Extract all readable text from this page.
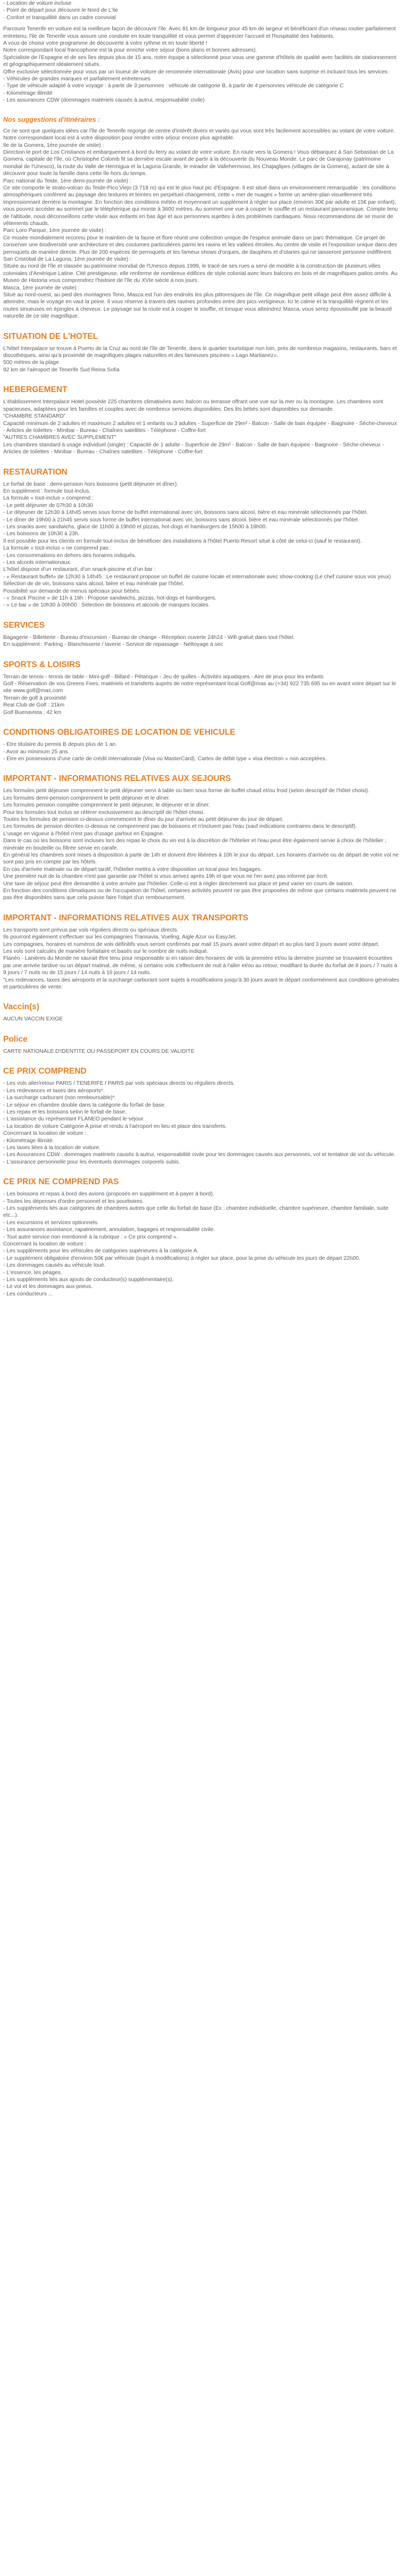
- Location de voiture incluse

- Point de départ pour découvrir le Nord de L'ile

- Confort et tranquillité dans un cadre convivial

Parcourir Tenerife en voiture est la meilleure façon de découvrir l'ile. Avec 81 km de longueur pour 45 km de largeur et bénéficiant d'un réseau routier parfaitement entretenu, l'ile de Tenerife vous assure une conduite en toute tranquillité et vous permet d'apprécier l'accueil et l'hospitalité des habitants.

A vous de choisir votre programme de découverte à votre rythme et en toute liberté !

Notre correspondant local francophone est là pour enrichir votre séjour (bons plans et bonnes adresses).

Spécialiste de l'Espagne et de ses îles depuis plus de 15 ans, notre équipe a sélectionné pour vous une gamme d'hôtels de qualité avec facilités de stationnement et géographiquement idéalement situés.

Offre exclusive sélectionnée pour vous par un loueur de voiture de renommée internationale (Avis) pour une location sans surprise et incluant tous les services :

- Véhicules de grandes marques et parfaitement entretenues

- Type de véhicule adapté à votre voyage : à partir de 3 personnes : véhicule de catégorie B, à partir de 4 personnes véhicule de catégorie C

- Kilométrage illimité

- Les assurances CDW (dommages matériels causés à autrui, responsabilité civile)

Nos suggestions d'itinéraires :

Ce ne sont que quelques idées car l'île de Tenerife regorge de centre d'intérêt divers et variés qui vous sont très facilement accessibles au volant de votre voiture. Notre correspondant local est à votre disposition pour rendre votre séjour encore plus agréable.

Ile de la Gomera, 1ère journée de visite) :

Direction le port de Los Cristianos et embarquement à bord du ferry au volant de votre voiture. En route vers la Gomera ! Vous débarquez à San Sebastian de La Gomera, capitale de l'île, où Christophe Colomb fit sa dernière escale avant de partir à la découverte du Nouveau Monde. Le parc de Garajonay (patrimoine mondial de l'Unesco), la route du Valle de Hermigua et la Laguna Grande, le mirador de Vallehermoso, les Chajaglipes (villages de la Gomera), autant de site à découvrir pour toute la famille dans cette île hors du temps.

Parc national du Teide, 1ère demi-journée de visite) :

Ce site comporte le strato-volcan du Teide-Pico Viejo (3 718 m) qui est le plus haut pic d'Espagne. Il est situé dans un environnement remarquable : les conditions atmosphériques confèrent au paysage des textures et teintes en perpétuel changement, cette « mer de nuages » forme un arrière-plan visuellement très impressionnant derrière la montagne. En fonction des conditions météo et moyennant un supplément à régler sur place (environ 30€ par adulte et 15€ par enfant), vous pouvez accéder au sommet par le téléphérique qui monte à 3600 mètres. Au sommet une vue à couper le souffle et un restaurant panoramique. Compte tenu de l'altitude, nous déconseillons cette visite aux enfants en bas âge et aux personnes sujettes à des problèmes cardiaques. Nous recommandons de se munir de vêtements chauds.

Parc Loro Parque, 1ère journée de visite) :

Ce musée mondialement reconnu pour le maintien de la faune et flore réunit une collection unique de l'espèce animale dans un parc thématique. Ce projet de conserver une biodiversité une architecture et des coutumes particulières parmi les ravins et les vallées étroites. Au centre de visite et l'exposition unique dans des perroquets de manière directe. Plus de 200 espèces de perroquets et les fameux shows d'orques, de dauphins et d'otaries qui ne laisseront personne indifférent.

San Cristobal de La Laguna, 1ère journée de visite) :

Située au nord de l'île et classée au patrimoine mondial de l'Unesco depuis 1999, le tracé de ses rues a servi de modèle à la construction de plusieurs villes coloniales d'Amérique Latine. Cité prestigieuse, elle renferme de nombreux édifices de style colonial avec leurs balcons en bois et de magnifiques patios ornés. Au Museo de Historia vous comprendrez l'histoire de l'île du XVIe siècle à nos jours.

Masca, 1ère journée de visite) :

Situé au nord-ouest, au pied des montagnes Teno, Masca est l'un des endroits les plus pittoresques de l'île. Ce magnifique petit village peut être assez difficile à atteindre, mais le voyage en vaut la peine. Il vous réserve à travers des ravines profondes entre des pics vertigineux. Ici le calme et la tranquillité règnent et les routes sinueuses en épingles à cheveux. Le paysage sur la route est à couper le souffle, et lorsque vous atteindrez Masca, vous serez époustouflé par la beauté naturelle de ce site magnifique.

SITUATION DE L'HOTEL

L'hôtel Interpalace se trouve à Puerto de la Cruz au nord de l'île de Tenerife, dans le quartier touristique non loin, près de nombreux magasins, restaurants, bars et discothèques, ainsi qu'à proximité de magnifiques plages naturelles et des fameuses piscines « Lago Martianez».

500 mètres de la plage

92 km de l'aéroport de Tenerife Sud Reina Sofia

HEBERGEMENT

L'établissement Interpalace Hotel possède 225 chambres climatisées avec balcon ou terrasse offrant une vue sur la mer ou la montagne. Les chambres sont spacieuses, adaptées pour les familles et couples avec de nombreux services disponibles. Des lits bébés sont disponibles sur demande.

"CHAMBRE STANDARD"

Capacité minimum de 2 adultes et maximum 2 adultes et 1 enfants ou 3 adultes - Superficie de 29m² - Balcon - Salle de bain équipée - Baignoire - Sèche-cheveux - Articles de toilettes - Minibar - Bureau - Chaînes satellites - Téléphone - Coffre-fort

"AUTRES CHAMBRES AVEC SUPPLEMENT"

Les chambres standard à usage individuel (single) : Capacité de 1 adulte - Superficie de 29m² - Balcon - Salle de bain équipée - Baignoire - Sèche-cheveux - Articles de toilettes - Minibar - Bureau - Chaînes satellites - Téléphone - Coffre-fort

RESTAURATION

Le forfait de base : demi-pension hors boissons (petit déjeuner et dîner).

En supplément : formule tout-inclus.

La formule « tout-inclus » comprend :

- Le petit déjeuner de 07h30 à 10h30

- Le déjeuner de 12h30 à 14h45 servis sous forme de buffet international avec vin, boissons sans alcool, bière et eau minérale sélectionnés par l'hôtel.

- Le dîner de 19h00 à 21h45 servis sous forme de buffet international avec vin, boissons sans alcool, bière et eau minérale sélectionnés par l'hôtel.

- Les snacks avec sandwichs, glace de 11h00 à 19h00 et pizzas, hot-dogs et hamburgers de 15h00 à 18h00.

- Les boissons de 10h30 à 23h.

Il est possible pour les clients en formule tout-inclus de bénéficier des installations à l'hôtel Puerto Resort situé à côté de celui-ci (sauf le restaurant).

La formule « tout-inclus » ne comprend pas :

- Les consommations en dehors des horaires indiqués.

- Les alcools internationaux.

L'hôtel dispose d'un restaurant, d'un snack-piscine et d'un bar :

- « Restaurant buffet» de 12h30 à 14h45 : Le restaurant propose un buffet de cuisine locale et internationale avec show-cooking (Le chef cuisine sous vos yeux) Sélection de de vin, boissons sans alcool, bière et eau minérale par l'hôtel.

Possibilité sur demande de menus spéciaux pour bébés.

- « Snack Piscine » de 11h à 19h : Propose sandwichs, pizzas, hot-dogs et hamburgers.

- « Le bar » de 10h30 à 00h00 : Sélection de boissons et alcools de marques locales.

SERVICES

Bagagerie - Billetterie - Bureau d'excursion - Bureau de change - Réception ouverte 24h24 - Wifi gratuit dans tout l'hôtel.

En supplément : Parking - Blanchisserie / laverie - Service de repassage - Nettoyage à sec

SPORTS & LOISIRS

Terrain de tennis - tennis de table - Mini-golf - Billard - Pétanque - Jeu de quilles - Activités aquatiques - Aire de jeux pour les enfants

Golf - Réservation de vos Greens Fees, matériels et transferts auprès de notre représentant local Golf@mas au (+34) 922 735 695 ou en avant votre départ sur le site www.golf@mas.com

Terrain de golf à proximité

Real Club de Golf : 21km

Golf Buenavista : 42 km

CONDITIONS OBLIGATOIRES DE LOCATION DE VEHICULE

- Etre titulaire du permis B depuis plus de 1 an.

- Avoir au minimum 25 ans.

- Etre en possessions d'une carte de crédit internationale (Visa ou MasterCard). Cartes de débit type « visa électron » non acceptées.

IMPORTANT - INFORMATIONS RELATIVES AUX SEJOURS

Les formules petit déjeuner comprennent le petit déjeuner servi à table ou bien sous forme de buffet chaud et/ou froid (selon descriptif de l'hôtel choisi).

Les formules demi-pension comprennent le petit déjeuner et le dîner.

Les formules pension complète comprennent le petit déjeuner, le déjeuner et le dîner.

Pour les formules tout inclus se référer exclusivement au descriptif de l'hôtel choisi.

Toutes les formules de pension ci-dessus commencent le dîner du jour d'arrivée au petit déjeuner du jour de départ.

Les formules de pension décrites ci-dessus ne comprennent pas de boissons et n'incluent pas l'eau (sauf indications contraires dans le descriptif).

L'usage en vigueur à l'hôtel n'est pas d'usage partout en Espagne.

Dans le cas où les boissons sont incluses lors des repas le choix du vin est à la discrétion de l'hôtelier et l'eau peut être également servie à choix de l'hôtelier ; minérale en bouteille ou filtrée servie en carafe.

En général les chambres sont mises à disposition à partir de 14h et doivent être libérées à 10h le jour du départ. Les horaires d'arrivée ou de départ de votre vol ne sont pas pris en compte par les hôtels.

En cas d'arrivée matinale ou de départ tardif, l'hôtelier mettra à votre disposition un local pour les bagages.

Une première nuit de la chambre n'est pas garantie par l'hôtel si vous arrivez après 19h et que vous ne l'en avez pas informé par écrit.

Une taxe de séjour peut être demandée à votre arrivée par l'hôtelier. Celle-ci est à régler directement sur place et peut varier en cours de saison.

En fonction des conditions climatiques ou de l'occupation de l'hôtel, certaines activités peuvent ne pas être proposées de même que certains matériels peuvent ne pas être disponibles sans que cela puisse faire l'objet d'un remboursement.

IMPORTANT - INFORMATIONS RELATIVES AUX TRANSPORTS

Les transports sont prévus par vols réguliers directs ou spéciaux directs.

Ils pourront également s'effectuer sur les compagnies Transavia, Vueling, Aigle Azur ou EasyJet.

Les compagnies, horaires et numéros de vols définitifs vous seront confirmés par mail 15 jours avant votre départ et au plus tard 3 jours avant votre départ.

Les vols sont calculés de manière forfaitaire et basés sur le nombre de nuits indiqué.

Flanéo - Lanières du Monde ne saurait être tenu pour responsable si en raison des horaires de vols la première et/ou la dernière journée se trouvaient écourtées par une arrivée tardive ou un départ matinal, de même, si certains vols s'effectuent de nuit à l'aller et/ou au retour, modifiant la durée du forfait de 8 jours / 7 nuits à 9 jours / 7 nuits ou de 15 jours / 14 nuits à 16 jours / 14 nuits.

"Les redevances, taxes des aéroports et la surcharge carburant sont sujets à modifications jusqu'à 30 jours avant le départ conformément aux conditions générales et particulières de vente.

Vaccin(s)

AUCUN VACCIN EXIGE

Police

CARTE NATIONALE D'IDENTITE OU PASSEPORT EN COURS DE VALIDITE

CE PRIX COMPREND

- Les vols aller/retour PARIS / TENERIFE / PARIS par vols spéciaux directs ou réguliers directs.

- Les redevances et taxes des aéroports*.

- La surcharge carburant (non remboursable)*.

- Le séjour en chambre double dans la catégorie du forfait de base.

- Les repas et les boissons selon le forfait de base.

- L'assistance du représentant FLANEO pendant le séjour.

- La location de voiture Catégorie A prise et rendu à l'aéroport en lieu et place des transferts.

Concernant la location de voiture :

- Kilométrage illimité.

- Les taxes liées à la location de voiture.

- Les Assurances CDW : dommages matériels causés à autrui, responsabilité civile pour les dommages causés aux personnes, vol et tentative de vol du véhicule.

- L'assurance personnelle pour les éventuels dommages corporels subis.

CE PRIX NE COMPREND PAS

- Les boissons et repas à bord des avions (proposés en supplément et à payer à bord).

- Toutes les dépenses d'ordre personnel et les pourboires.

- Les suppléments liés aux catégories de chambres autres que celle du forfait de base (Ex : chambre individuelle, chambre supérieure, chambre familiale, suite etc...).

- Les excursions et services optionnels.

- Les assurances assistance, rapatriement, annulation, bagages et responsabilité civile.

- Tout autre service non mentionné à la rubrique : « Ce prix comprend ».

Concernant la location de voiture :

- Les suppléments pour les véhicules de catégories supérieures à la catégorie A.

- Le supplément obligatoire d'environ 50€ par véhicule (sujet à modifications) à régler sur place, pour la prise du véhicule les jours de départ 22h00.

- Les dommages causés au véhicule loué.

- L'essence, les péages.

- Les suppléments liés aux ajouts de conducteur(s) supplémentaire(s).

- Le vol et les dommages aux pneus.

- Les conducteurs ...
